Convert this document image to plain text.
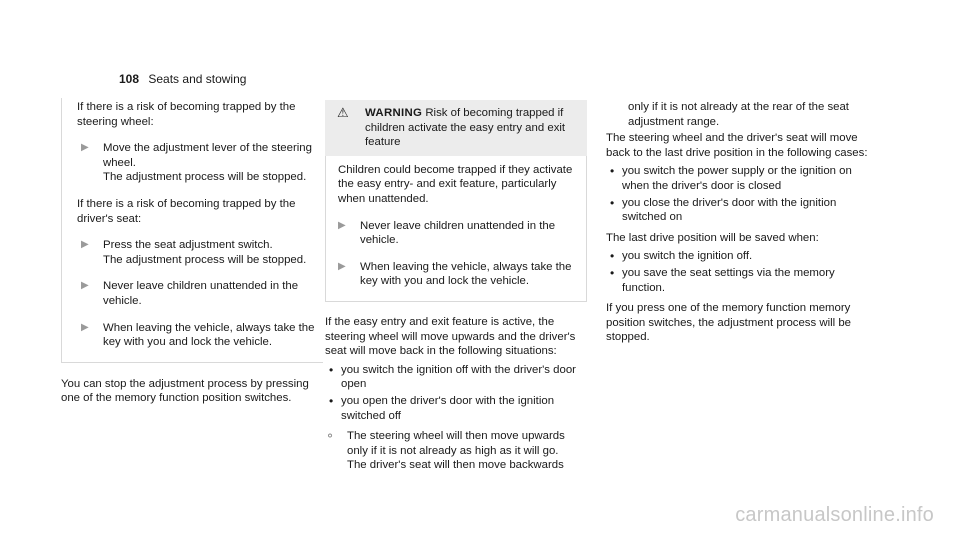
108 Seats and stowing

If there is a risk of becoming trapped by the steering wheel:

▶	Move the adjustment lever of the steering wheel.
The adjustment process will be stopped.

If there is a risk of becoming trapped by the driver's seat:

▶	Press the seat adjustment switch.
The adjustment process will be stopped.
▶	Never leave children unattended in the vehicle.
▶	When leaving the vehicle, always take the key with you and lock the vehicle.

You can stop the adjustment process by pressing one of the memory function position switches.

⚠	WARNING Risk of becoming trapped if children activate the easy entry and exit feature

Children could become trapped if they activate the easy entry- and exit feature, particularly when unattended.

▶	Never leave children unattended in the vehicle.
▶	When leaving the vehicle, always take the key with you and lock the vehicle.

If the easy entry and exit feature is active, the steering wheel will move upwards and the driver's seat will move back in the following situations:

• you switch the ignition off with the driver's door open
• you open the driver's door with the ignition switched off
⚬	The steering wheel will then move upwards only if it is not already as high as it will go.
The driver's seat will then move backwards

only if it is not already at the rear of the seat adjustment range.

The steering wheel and the driver's seat will move back to the last drive position in the following cases:

• you switch the power supply or the ignition on when the driver's door is closed
• you close the driver's door with the ignition switched on

The last drive position will be saved when:

• you switch the ignition off.
• you save the seat settings via the memory function.

If you press one of the memory function memory position switches, the adjustment process will be stopped.

carmanualsonline.info
